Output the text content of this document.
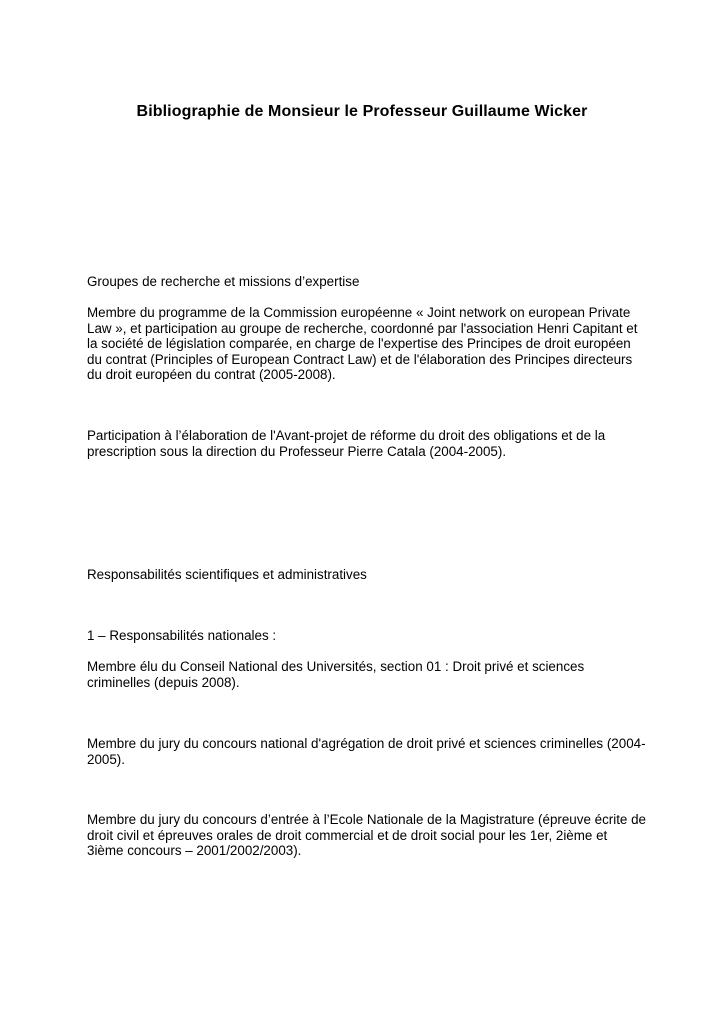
Bibliographie de Monsieur le Professeur Guillaume Wicker

Groupes de recherche et missions d’expertise

Membre du programme de la Commission européenne « Joint network on european Private Law », et participation au groupe de recherche, coordonné par l'association Henri Capitant et la société de législation comparée, en charge de l'expertise des Principes de droit européen du contrat (Principles of European Contract Law) et de l'élaboration des Principes directeurs du droit européen du contrat (2005-2008).

Participation à l’élaboration de l'Avant-projet de réforme du droit des obligations et de la prescription sous la direction du Professeur Pierre Catala (2004-2005).

Responsabilités scientifiques et administratives

1 – Responsabilités nationales :

Membre élu du Conseil National des Universités, section 01 : Droit privé et sciences criminelles (depuis 2008).

Membre du jury du concours national d'agrégation de droit privé et sciences criminelles (2004-2005).

Membre du jury du concours d’entrée à l’Ecole Nationale de la Magistrature (épreuve écrite de droit civil et épreuves orales de droit commercial et de droit social pour les 1er, 2ième et 3ième concours – 2001/2002/2003).
